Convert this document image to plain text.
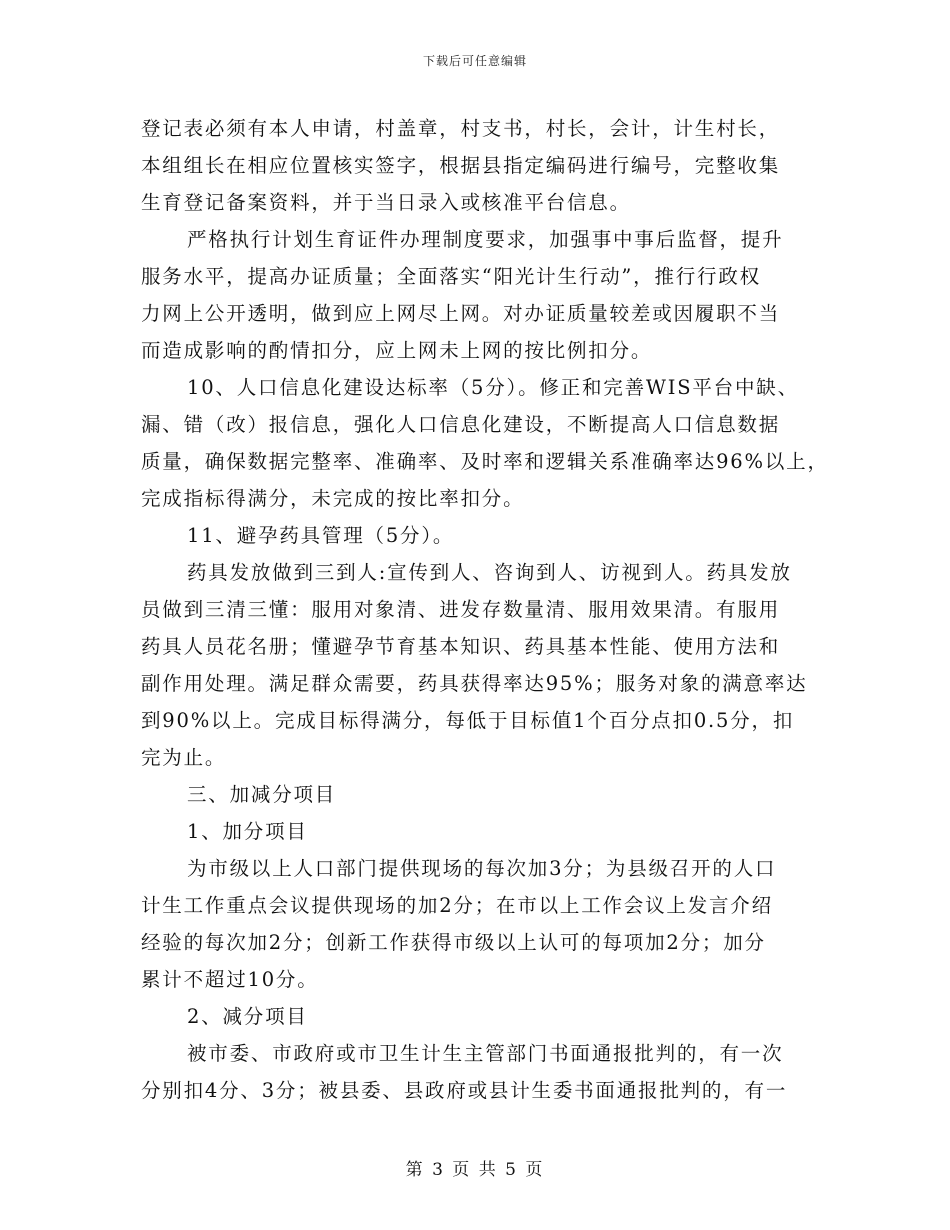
下载后可任意编辑
登记表必须有本人申请，村盖章，村支书，村长，会计，计生村长，
本组组长在相应位置核实签字，根据县指定编码进行编号，完整收集
生育登记备案资料，并于当日录入或核准平台信息。
严格执行计划生育证件办理制度要求，加强事中事后监督，提升
服务水平，提高办证质量；全面落实“阳光计生行动”，推行行政权
力网上公开透明，做到应上网尽上网。对办证质量较差或因履职不当
而造成影响的酌情扣分，应上网未上网的按比例扣分。
10、人口信息化建设达标率（5分）。修正和完善WIS平台中缺、
漏、错（改）报信息，强化人口信息化建设，不断提高人口信息数据
质量，确保数据完整率、准确率、及时率和逻辑关系准确率达96%以上，
完成指标得满分，未完成的按比率扣分。
11、避孕药具管理（5分）。
药具发放做到三到人:宣传到人、咨询到人、访视到人。药具发放
员做到三清三懂：服用对象清、进发存数量清、服用效果清。有服用
药具人员花名册；懂避孕节育基本知识、药具基本性能、使用方法和
副作用处理。满足群众需要，药具获得率达95%；服务对象的满意率达
到90%以上。完成目标得满分，每低于目标值1个百分点扣0.5分，扣
完为止。
三、加减分项目
1、加分项目
为市级以上人口部门提供现场的每次加3分；为县级召开的人口
计生工作重点会议提供现场的加2分；在市以上工作会议上发言介绍
经验的每次加2分；创新工作获得市级以上认可的每项加2分；加分
累计不超过10分。
2、减分项目
被市委、市政府或市卫生计生主管部门书面通报批判的，有一次
分别扣4分、3分；被县委、县政府或县计生委书面通报批判的，有一
第 3 页 共 5 页
